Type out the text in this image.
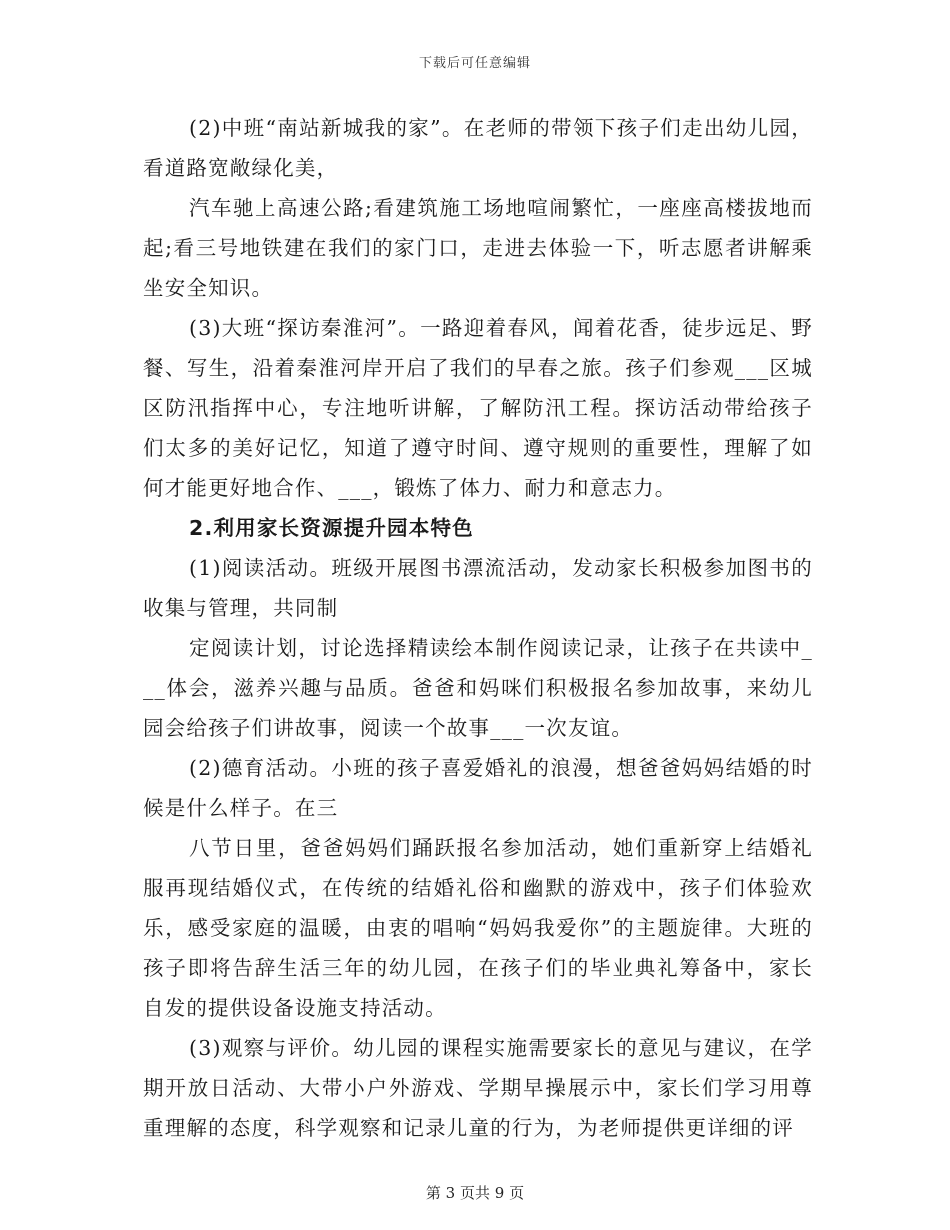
下载后可任意编辑

(2)中班“南站新城我的家”。在老师的带领下孩子们走出幼儿园，看道路宽敞绿化美，

汽车驰上高速公路;看建筑施工场地喧闹繁忙，一座座高楼拔地而起;看三号地铁建在我们的家门口，走进去体验一下，听志愿者讲解乘坐安全知识。

(3)大班“探访秦淮河”。一路迎着春风，闻着花香，徒步远足、野餐、写生，沿着秦淮河岸开启了我们的早春之旅。孩子们参观___区城区防汛指挥中心，专注地听讲解，了解防汛工程。探访活动带给孩子们太多的美好记忆，知道了遵守时间、遵守规则的重要性，理解了如何才能更好地合作、___，锻炼了体力、耐力和意志力。

2.利用家长资源提升园本特色

(1)阅读活动。班级开展图书漂流活动，发动家长积极参加图书的收集与管理，共同制

定阅读计划，讨论选择精读绘本制作阅读记录，让孩子在共读中___体会，滋养兴趣与品质。爸爸和妈咪们积极报名参加故事，来幼儿园会给孩子们讲故事，阅读一个故事___一次友谊。

(2)德育活动。小班的孩子喜爱婚礼的浪漫，想爸爸妈妈结婚的时候是什么样子。在三

八节日里，爸爸妈妈们踊跃报名参加活动，她们重新穿上结婚礼服再现结婚仪式，在传统的结婚礼俗和幽默的游戏中，孩子们体验欢乐，感受家庭的温暖，由衷的唱响“妈妈我爱你”的主题旋律。大班的孩子即将告辞生活三年的幼儿园，在孩子们的毕业典礼筹备中，家长自发的提供设备设施支持活动。

(3)观察与评价。幼儿园的课程实施需要家长的意见与建议，在学期开放日活动、大带小户外游戏、学期早操展示中，家长们学习用尊重理解的态度，科学观察和记录儿童的行为，为老师提供更详细的评

第 3 页共 9 页
